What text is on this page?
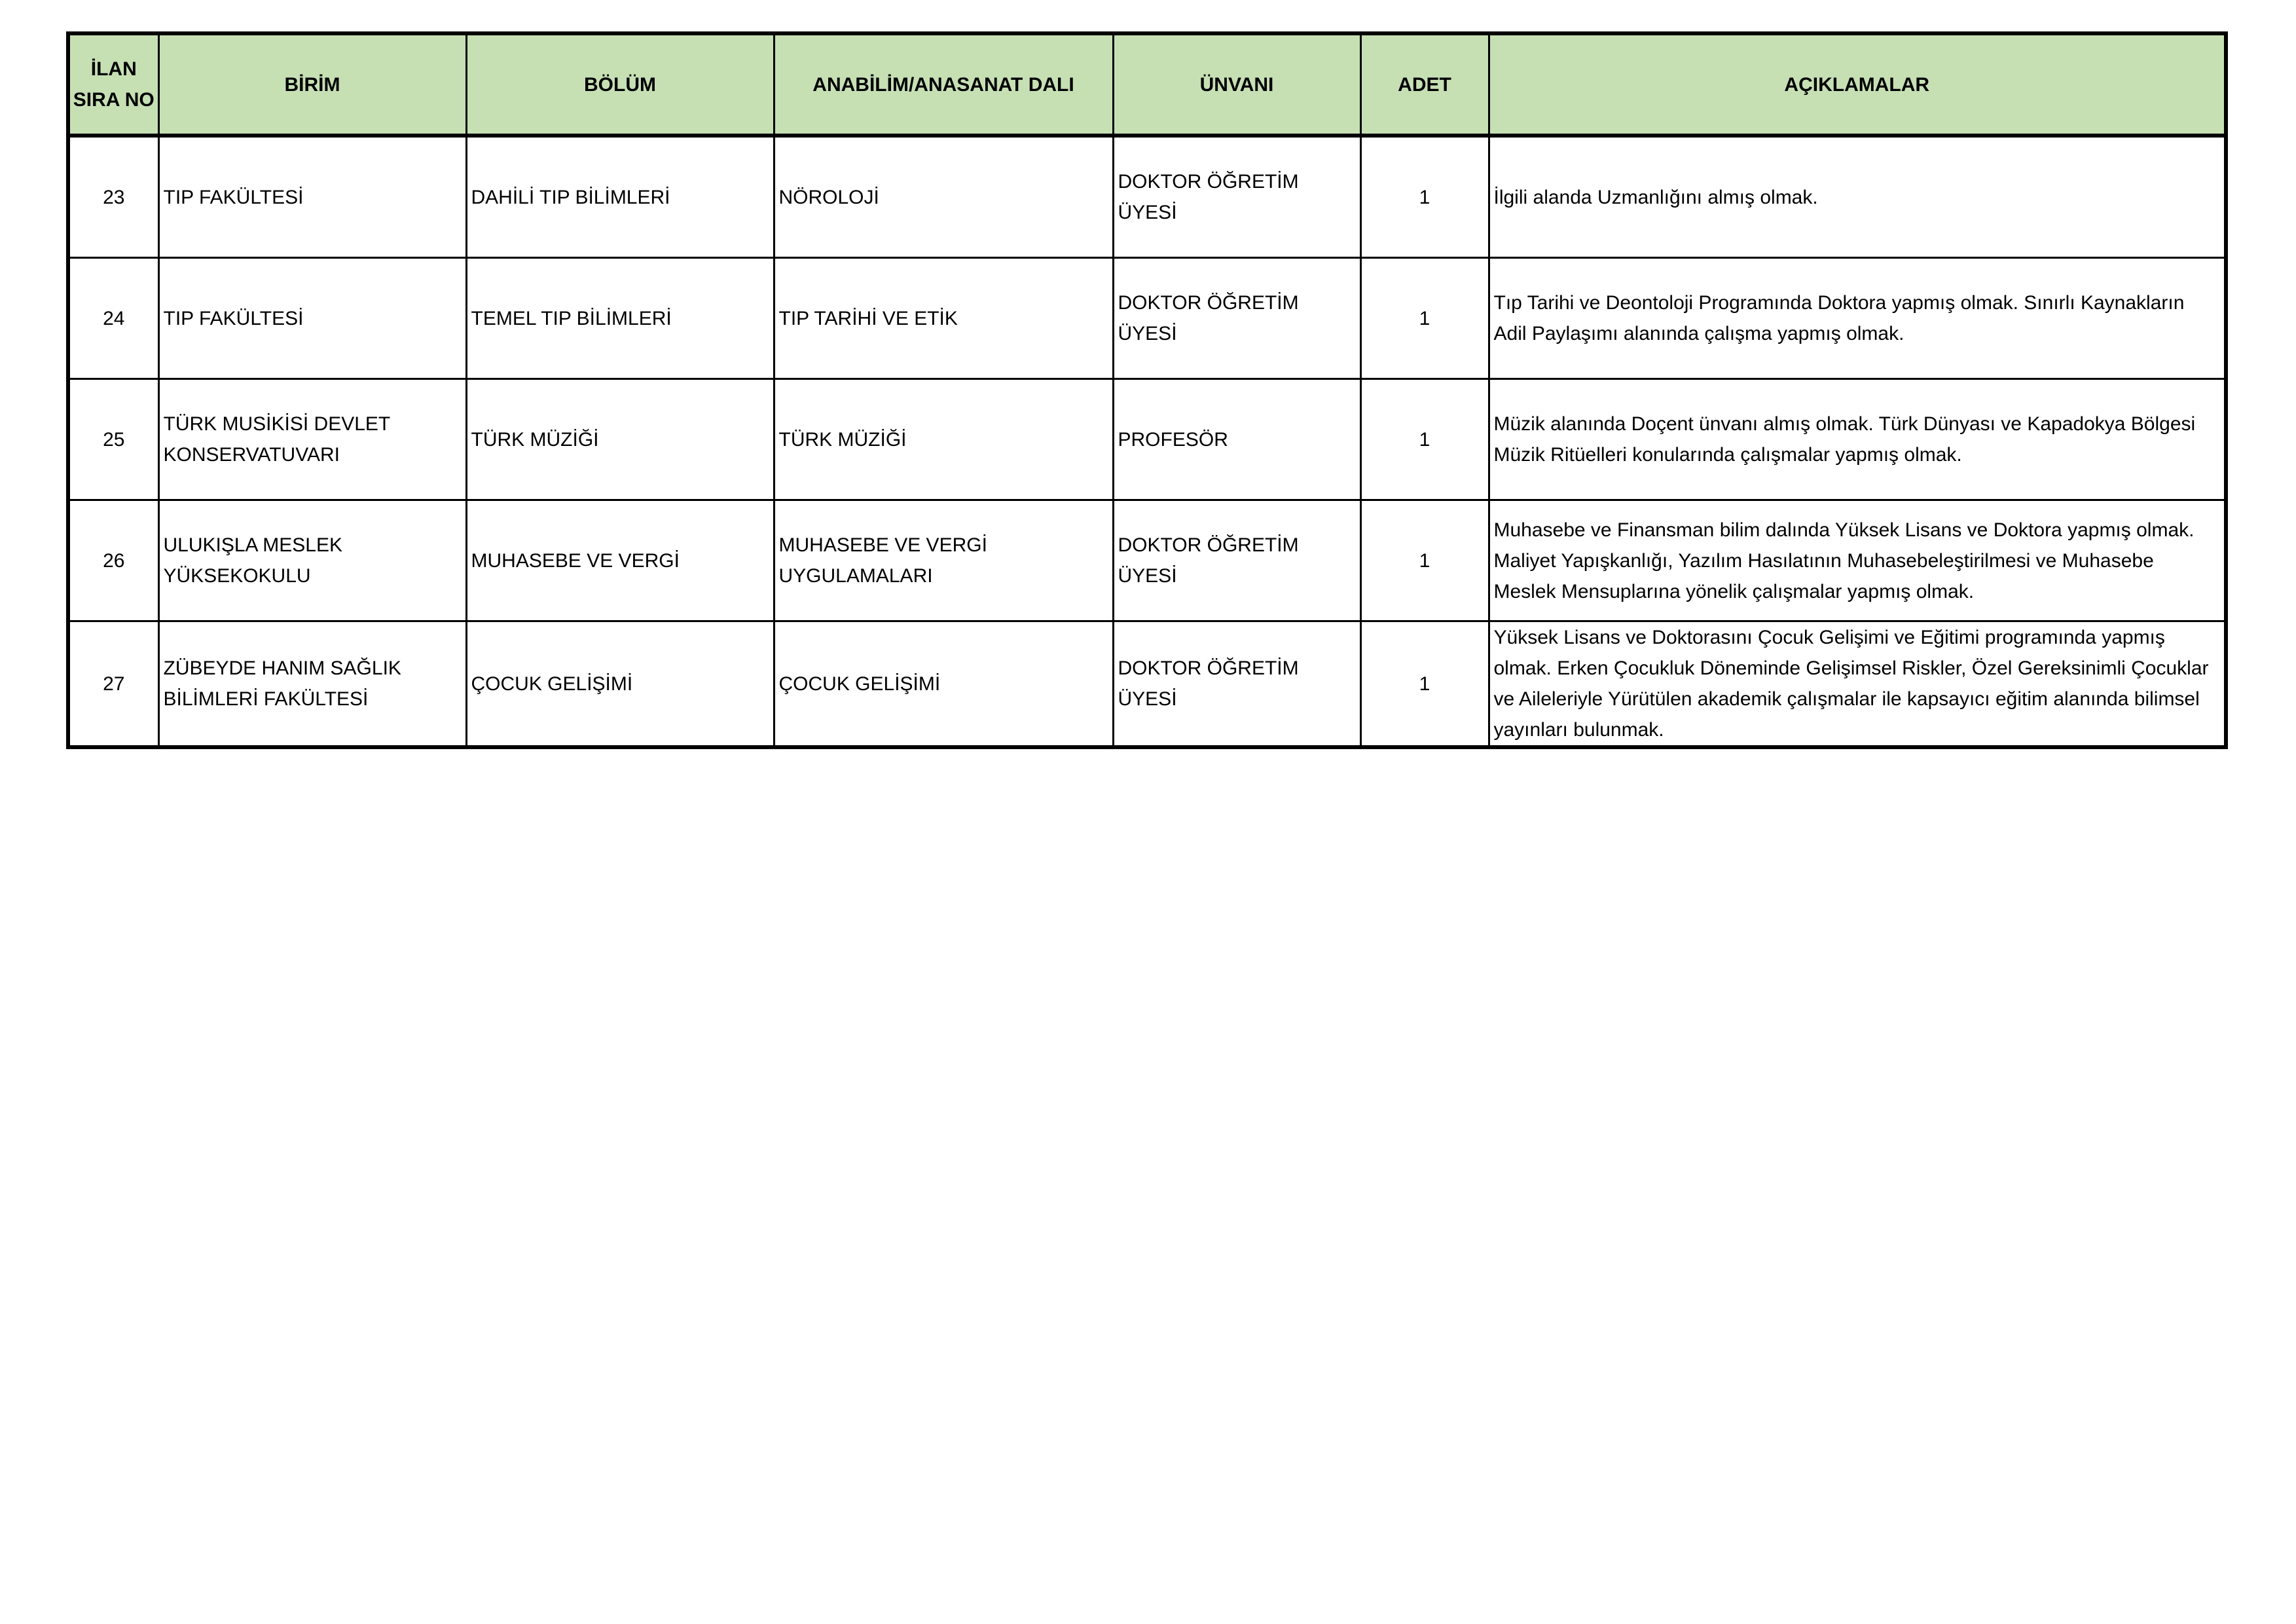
İLAN
SIRA NO	BİRİM	BÖLÜM	ANABİLİM/ANASANAT DALI	ÜNVANI	ADET	AÇIKLAMALAR
23	TIP FAKÜLTESİ	DAHİLİ TIP BİLİMLERİ	NÖROLOJİ	DOKTOR ÖĞRETİM ÜYESİ	1	İlgili alanda Uzmanlığını almış olmak.
24	TIP FAKÜLTESİ	TEMEL TIP BİLİMLERİ	TIP TARİHİ VE ETİK	DOKTOR ÖĞRETİM ÜYESİ	1	Tıp Tarihi ve Deontoloji Programında Doktora yapmış olmak. Sınırlı Kaynakların Adil Paylaşımı alanında çalışma yapmış olmak.
25	TÜRK MUSİKİSİ DEVLET KONSERVATUVARI	TÜRK MÜZİĞİ	TÜRK MÜZİĞİ	PROFESÖR	1	Müzik alanında Doçent ünvanı almış olmak. Türk Dünyası ve Kapadokya Bölgesi Müzik Ritüelleri konularında çalışmalar yapmış olmak.
26	ULUKIŞLA MESLEK YÜKSEKOKULU	MUHASEBE VE VERGİ	MUHASEBE VE VERGİ UYGULAMALARI	DOKTOR ÖĞRETİM ÜYESİ	1	Muhasebe ve Finansman bilim dalında Yüksek Lisans ve Doktora yapmış olmak. Maliyet Yapışkanlığı, Yazılım Hasılatının Muhasebeleştirilmesi ve Muhasebe Meslek Mensuplarına yönelik çalışmalar yapmış olmak.
27	ZÜBEYDE HANIM SAĞLIK BİLİMLERİ FAKÜLTESİ	ÇOCUK GELİŞİMİ	ÇOCUK GELİŞİMİ	DOKTOR ÖĞRETİM ÜYESİ	1	Yüksek Lisans ve Doktorasını Çocuk Gelişimi ve Eğitimi programında yapmış olmak. Erken Çocukluk Döneminde Gelişimsel Riskler, Özel Gereksinimli Çocuklar ve Aileleriyle Yürütülen akademik çalışmalar ile kapsayıcı eğitim alanında bilimsel yayınları bulunmak.
